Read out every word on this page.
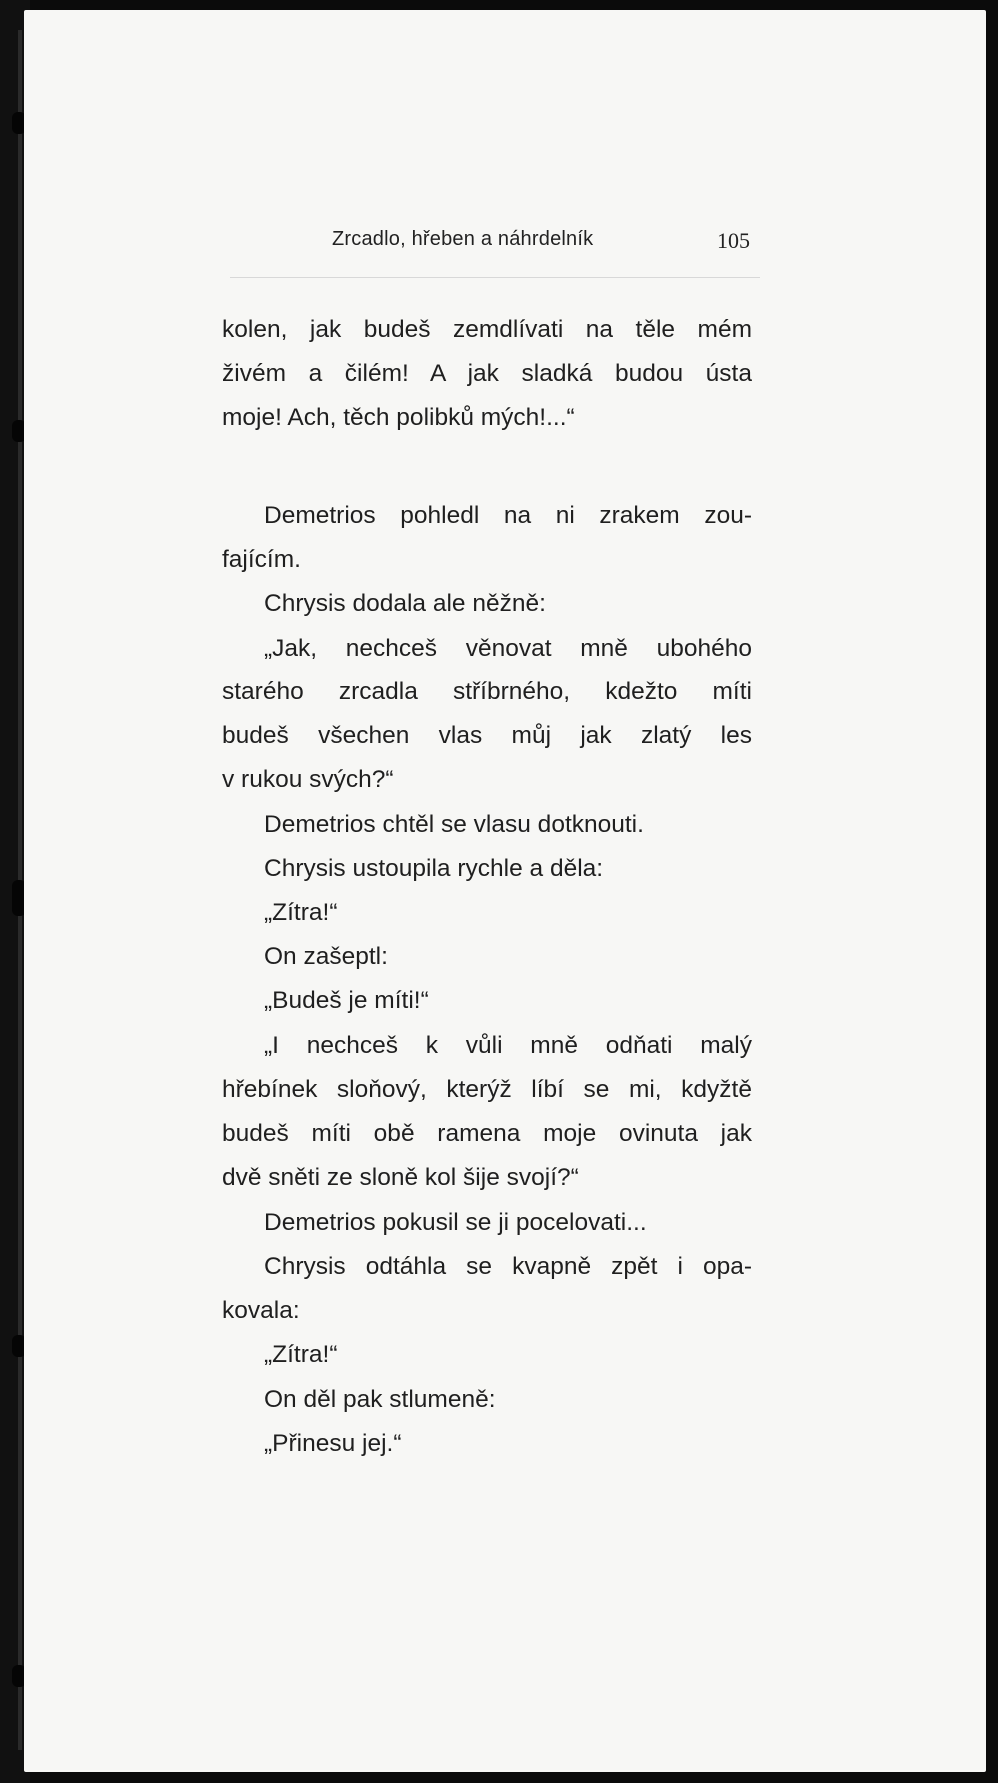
Zrcadlo, hřeben a náhrdelník	105
kolen, jak budeš zemdlívati na těle mém
živém a čilém! A jak sladká budou ústa
moje! Ach, těch polibků mých!...“
Demetrios pohledl na ni zrakem zou-
fajícím.
Chrysis dodala ale něžně:
„Jak, nechceš věnovat mně ubohého
starého zrcadla stříbrného, kdežto míti
budeš všechen vlas můj jak zlatý les
v rukou svých?“
Demetrios chtěl se vlasu dotknouti.
Chrysis ustoupila rychle a děla:
„Zítra!“
On zašeptl:
„Budeš je míti!“
„I nechceš k vůli mně odňati malý
hřebínek sloňový, kterýž líbí se mi, kdyžtě
budeš míti obě ramena moje ovinuta jak
dvě sněti ze sloně kol šije svojí?“
Demetrios pokusil se ji pocelovati...
Chrysis odtáhla se kvapně zpět i opa-
kovala:
„Zítra!“
On děl pak stlumeně:
„Přinesu jej.“
